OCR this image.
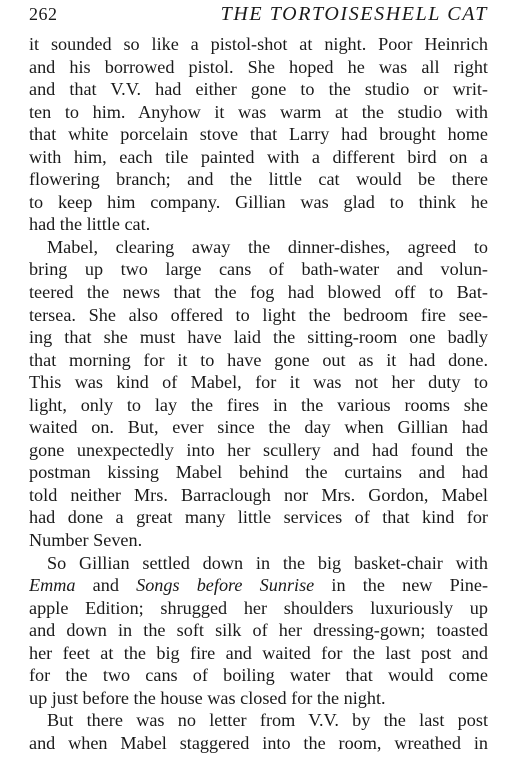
262	THE TORTOISESHELL CAT
it sounded so like a pistol-shot at night. Poor Heinrich
and his borrowed pistol. She hoped he was all right
and that V.V. had either gone to the studio or writ-
ten to him. Anyhow it was warm at the studio with
that white porcelain stove that Larry had brought home
with him, each tile painted with a different bird on a
flowering branch; and the little cat would be there
to keep him company. Gillian was glad to think he
had the little cat.
Mabel, clearing away the dinner-dishes, agreed to
bring up two large cans of bath-water and volun-
teered the news that the fog had blowed off to Bat-
tersea. She also offered to light the bedroom fire see-
ing that she must have laid the sitting-room one badly
that morning for it to have gone out as it had done.
This was kind of Mabel, for it was not her duty to
light, only to lay the fires in the various rooms she
waited on. But, ever since the day when Gillian had
gone unexpectedly into her scullery and had found the
postman kissing Mabel behind the curtains and had
told neither Mrs. Barraclough nor Mrs. Gordon, Mabel
had done a great many little services of that kind for
Number Seven.
So Gillian settled down in the big basket-chair with
Emma and Songs before Sunrise in the new Pine-
apple Edition; shrugged her shoulders luxuriously up
and down in the soft silk of her dressing-gown; toasted
her feet at the big fire and waited for the last post and
for the two cans of boiling water that would come
up just before the house was closed for the night.
But there was no letter from V.V. by the last post
and when Mabel staggered into the room, wreathed in
